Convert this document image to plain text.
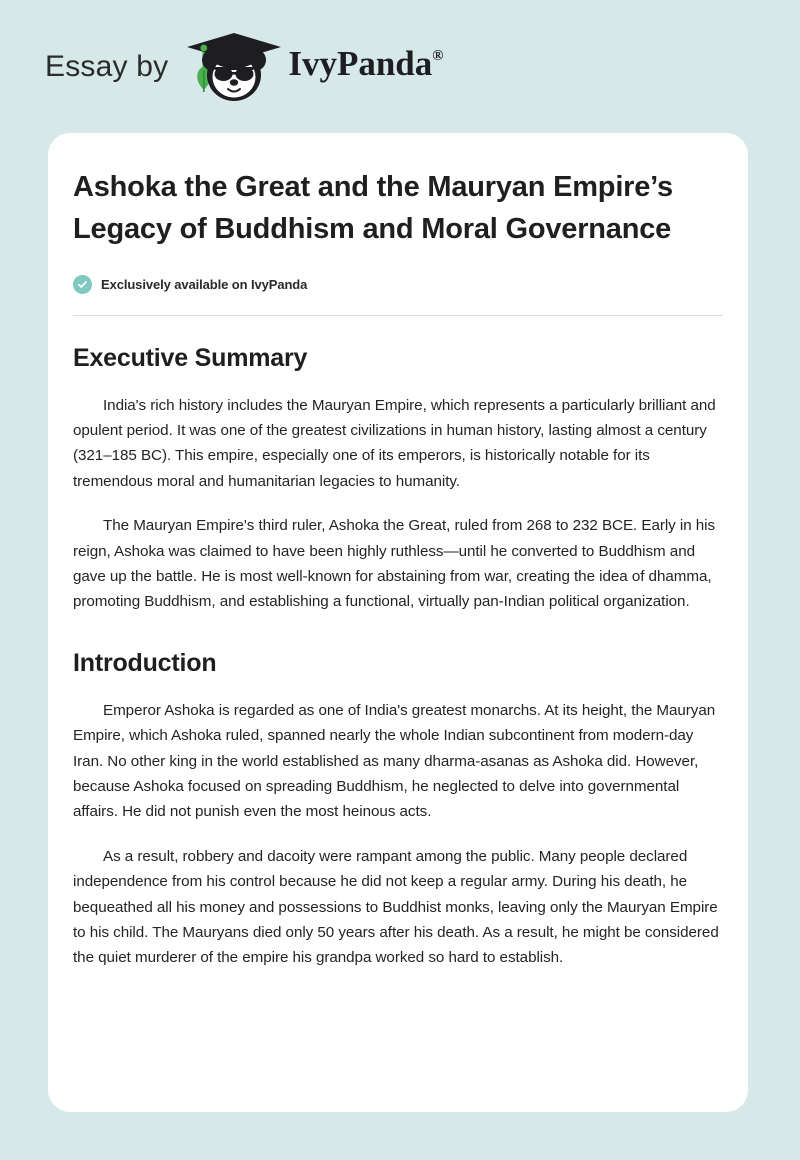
Essay by	IvyPanda®
Ashoka the Great and the Mauryan Empire’s Legacy of Buddhism and Moral Governance
Exclusively available on IvyPanda
Executive Summary

India's rich history includes the Mauryan Empire, which represents a particularly brilliant and opulent period. It was one of the greatest civilizations in human history, lasting almost a century (321–185 BC). This empire, especially one of its emperors, is historically notable for its tremendous moral and humanitarian legacies to humanity.

The Mauryan Empire's third ruler, Ashoka the Great, ruled from 268 to 232 BCE. Early in his reign, Ashoka was claimed to have been highly ruthless—until he converted to Buddhism and gave up the battle. He is most well-known for abstaining from war, creating the idea of dhamma, promoting Buddhism, and establishing a functional, virtually pan-Indian political organization.

Introduction

Emperor Ashoka is regarded as one of India's greatest monarchs. At its height, the Mauryan Empire, which Ashoka ruled, spanned nearly the whole Indian subcontinent from modern-day Iran. No other king in the world established as many dharma-asanas as Ashoka did. However, because Ashoka focused on spreading Buddhism, he neglected to delve into governmental affairs. He did not punish even the most heinous acts.

As a result, robbery and dacoity were rampant among the public. Many people declared independence from his control because he did not keep a regular army. During his death, he bequeathed all his money and possessions to Buddhist monks, leaving only the Mauryan Empire to his child. The Mauryans died only 50 years after his death. As a result, he might be considered the quiet murderer of the empire his grandpa worked so hard to establish.
